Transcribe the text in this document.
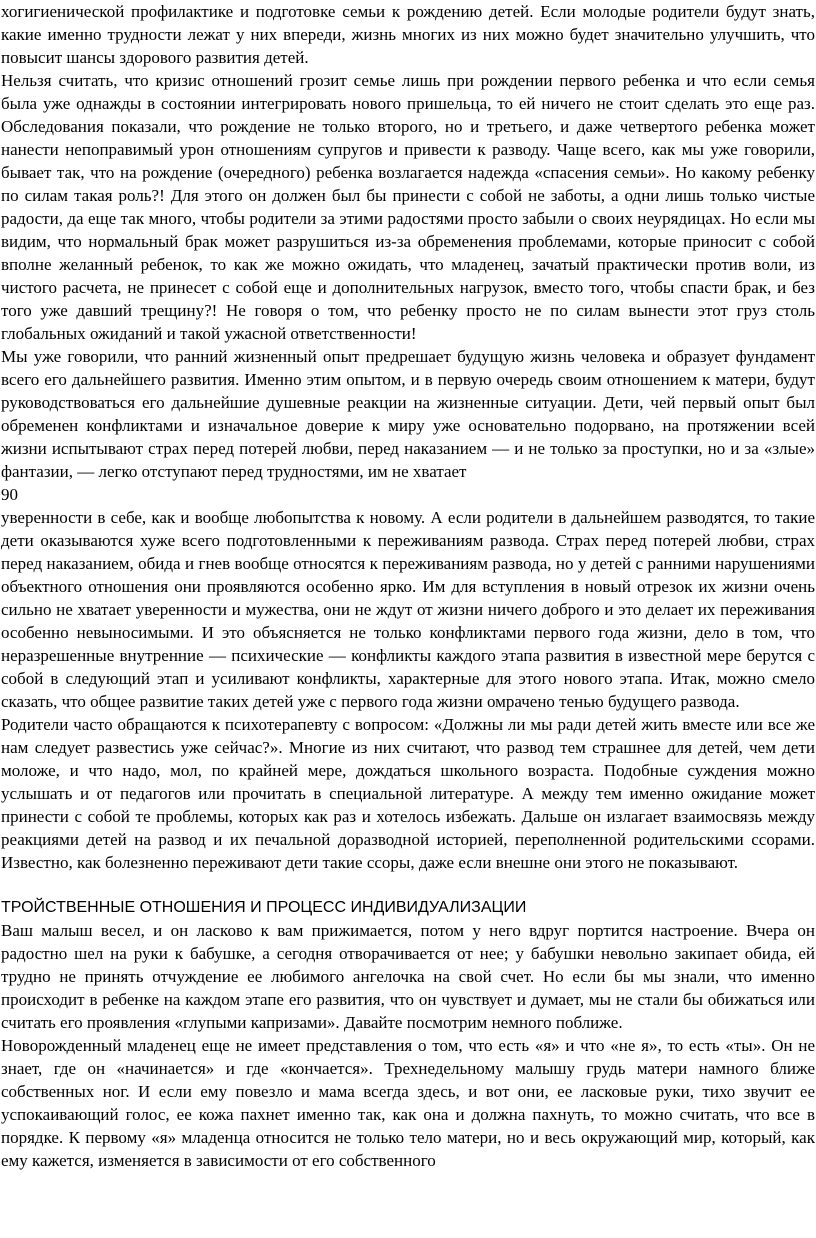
хогигиенической профилактике и подготовке семьи к рождению детей. Если молодые родители будут знать, какие именно трудности лежат у них впереди, жизнь многих из них можно будет значительно улучшить, что повысит шансы здорового развития детей.

Нельзя считать, что кризис отношений грозит семье лишь при рождении первого ребенка и что если семья была уже однажды в состоянии интегрировать нового пришельца, то ей ничего не стоит сделать это еще раз. Обследования показали, что рождение не только второго, но и третьего, и даже четвертого ребенка может нанести непоправимый урон отношениям супругов и привести к разводу. Чаще всего, как мы уже говорили, бывает так, что на рождение (очередного) ребенка возлагается надежда «спасения семьи». Но какому ребенку по силам такая роль?! Для этого он должен был бы принести с собой не заботы, а одни лишь только чистые радости, да еще так много, чтобы родители за этими радостями просто забыли о своих неурядицах. Но если мы видим, что нормальный брак может разрушиться из-за обременения проблемами, которые приносит с собой вполне желанный ребенок, то как же можно ожидать, что младенец, зачатый практически против воли, из чистого расчета, не принесет с собой еще и дополнительных нагрузок, вместо того, чтобы спасти брак, и без того уже давший трещину?! Не говоря о том, что ребенку просто не по силам вынести этот груз столь глобальных ожиданий и такой ужасной ответственности!

Мы уже говорили, что ранний жизненный опыт предрешает будущую жизнь человека и образует фундамент всего его дальнейшего развития. Именно этим опытом, и в первую очередь своим отношением к матери, будут руководствоваться его дальнейшие душевные реакции на жизненные ситуации. Дети, чей первый опыт был обременен конфликтами и изначальное доверие к миру уже основательно подорвано, на протяжении всей жизни испытывают страх перед потерей любви, перед наказанием — и не только за проступки, но и за «злые» фантазии, — легко отступают перед трудностями, им не хватает

90

уверенности в себе, как и вообще любопытства к новому. А если родители в дальнейшем разводятся, то такие дети оказываются хуже всего подготовленными к переживаниям развода. Страх перед потерей любви, страх перед наказанием, обида и гнев вообще относятся к переживаниям развода, но у детей с ранними нарушениями объектного отношения они проявляются особенно ярко. Им для вступления в новый отрезок их жизни очень сильно не хватает уверенности и мужества, они не ждут от жизни ничего доброго и это делает их переживания особенно невыносимыми. И это объясняется не только конфликтами первого года жизни, дело в том, что неразрешенные внутренние — психические — конфликты каждого этапа развития в известной мере берутся с собой в следующий этап и усиливают конфликты, характерные для этого нового этапа. Итак, можно смело сказать, что общее развитие таких детей уже с первого года жизни омрачено тенью будущего развода.

Родители часто обращаются к психотерапевту с вопросом: «Должны ли мы ради детей жить вместе или все же нам следует развестись уже сейчас?». Многие из них считают, что развод тем страшнее для детей, чем дети моложе, и что надо, мол, по крайней мере, дождаться школьного возраста. Подобные суждения можно услышать и от педагогов или прочитать в специальной литературе. А между тем именно ожидание может принести с собой те проблемы, которых как раз и хотелось избежать. Дальше он излагает взаимосвязь между реакциями детей на развод и их печальной доразводной историей, переполненной родительскими ссорами. Известно, как болезненно переживают дети такие ссоры, даже если внешне они этого не показывают.

ТРОЙСТВЕННЫЕ ОТНОШЕНИЯ И ПРОЦЕСС ИНДИВИДУАЛИЗАЦИИ

Ваш малыш весел, и он ласково к вам прижимается, потом у него вдруг портится настроение. Вчера он радостно шел на руки к бабушке, а сегодня отворачивается от нее; у бабушки невольно закипает обида, ей трудно не принять отчуждение ее любимого ангелочка на свой счет. Но если бы мы знали, что именно происходит в ребенке на каждом этапе его развития, что он чувствует и думает, мы не стали бы обижаться или считать его проявления «глупыми капризами». Давайте посмотрим немного поближе.

Новорожденный младенец еще не имеет представления о том, что есть «я» и что «не я», то есть «ты». Он не знает, где он «начинается» и где «кончается». Трехнедельному малышу грудь матери намного ближе собственных ног. И если ему повезло и мама всегда здесь, и вот они, ее ласковые руки, тихо звучит ее успокаивающий голос, ее кожа пахнет именно так, как она и должна пахнуть, то можно считать, что все в порядке. К первому «я» младенца относится не только тело матери, но и весь окружающий мир, который, как ему кажется, изменяется в зависимости от его собственного
